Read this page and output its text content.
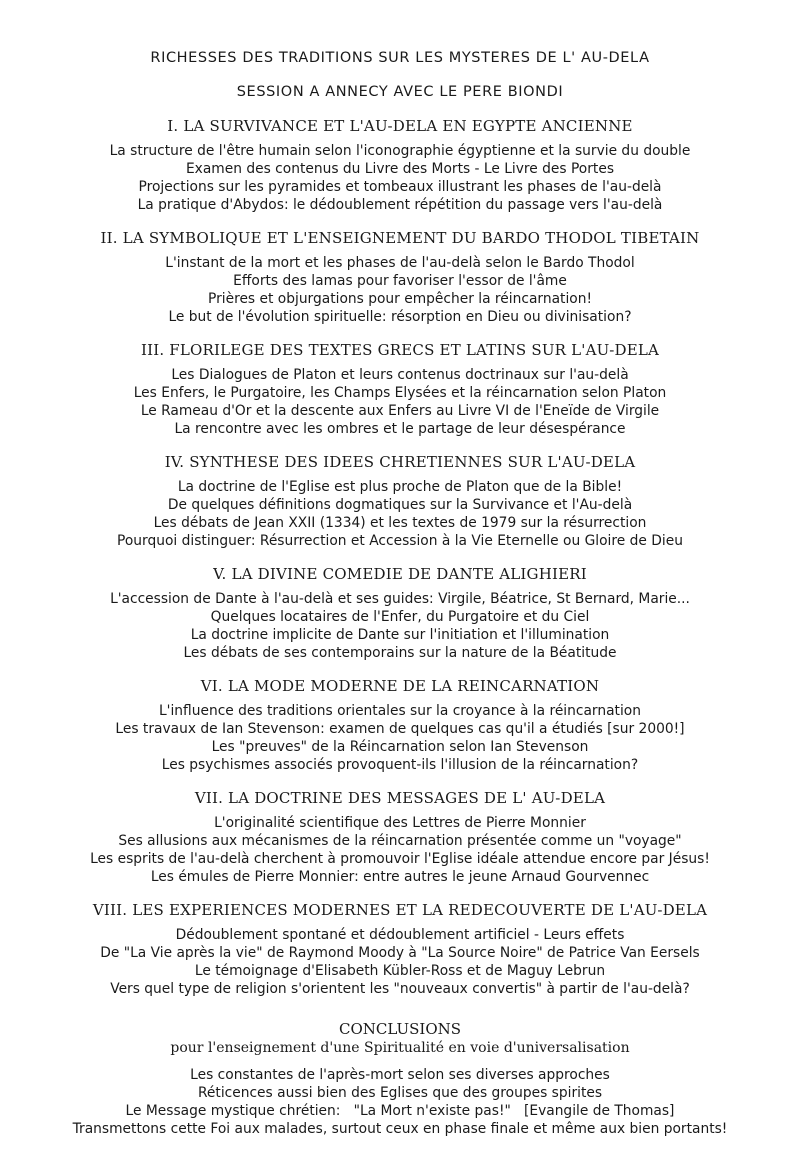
RICHESSES DES TRADITIONS SUR LES MYSTERES DE L' AU-DELA

SESSION A ANNECY AVEC LE PERE BIONDI

I. LA SURVIVANCE ET L'AU-DELA EN EGYPTE ANCIENNE

La structure de l'être humain selon l'iconographie égyptienne et la survie du double

Examen des contenus du Livre des Morts - Le Livre des Portes

Projections sur les pyramides et tombeaux illustrant les phases de l'au-delà

La pratique d'Abydos: le dédoublement répétition du passage vers l'au-delà

II. LA SYMBOLIQUE ET L'ENSEIGNEMENT DU BARDO THODOL TIBETAIN

L'instant de la mort et les phases de l'au-delà selon le Bardo Thodol

Efforts des lamas pour favoriser l'essor de l'âme

Prières et objurgations pour empêcher la réincarnation!

Le but de l'évolution spirituelle: résorption en Dieu ou divinisation?

III. FLORILEGE DES TEXTES GRECS ET LATINS SUR L'AU-DELA

Les Dialogues de Platon et leurs contenus doctrinaux sur l'au-delà

Les Enfers, le Purgatoire, les Champs Elysées et la réincarnation selon Platon

Le Rameau d'Or et la descente aux Enfers au Livre VI de l'Eneïde de Virgile

La rencontre avec les ombres et le partage de leur désespérance

IV. SYNTHESE DES IDEES CHRETIENNES SUR L'AU-DELA

La doctrine de l'Eglise est plus proche de Platon que de la Bible!

De quelques définitions dogmatiques sur la Survivance et l'Au-delà

Les débats de Jean XXII (1334) et les textes de 1979 sur la résurrection

Pourquoi distinguer: Résurrection et Accession à la Vie Eternelle ou Gloire de Dieu

V. LA DIVINE COMEDIE DE DANTE ALIGHIERI

L'accession de Dante à l'au-delà et ses guides: Virgile, Béatrice, St Bernard, Marie...

Quelques locataires de l'Enfer, du Purgatoire et du Ciel

La doctrine implicite de Dante sur l'initiation et l'illumination

Les débats de ses contemporains sur la nature de la Béatitude

VI. LA MODE MODERNE DE LA REINCARNATION

L'influence des traditions orientales sur la croyance à la réincarnation

Les travaux de Ian Stevenson: examen de quelques cas qu'il a étudiés [sur 2000!]

Les "preuves" de la Réincarnation selon Ian Stevenson

Les psychismes associés provoquent-ils l'illusion de la réincarnation?

VII. LA DOCTRINE DES MESSAGES DE L' AU-DELA

L'originalité scientifique des Lettres de Pierre Monnier

Ses allusions aux mécanismes de la réincarnation présentée comme un "voyage"

Les esprits de l'au-delà cherchent à promouvoir l'Eglise idéale attendue encore par Jésus!

Les émules de Pierre Monnier: entre autres le jeune Arnaud Gourvennec

VIII. LES EXPERIENCES MODERNES ET LA REDECOUVERTE DE L'AU-DELA

Dédoublement spontané et dédoublement artificiel - Leurs effets

De "La Vie après la vie" de Raymond Moody à "La Source Noire" de Patrice Van Eersels

Le témoignage d'Elisabeth Kübler-Ross et de Maguy Lebrun

Vers quel type de religion s'orientent les "nouveaux convertis" à partir de l'au-delà?

CONCLUSIONS

pour l'enseignement d'une Spiritualité en voie d'universalisation

Les constantes de l'après-mort selon ses diverses approches

Réticences aussi bien des Eglises que des groupes spirites

Le Message mystique chrétien:   "La Mort n'existe pas!"   [Evangile de Thomas]

Transmettons cette Foi aux malades, surtout ceux en phase finale et même aux bien portants!
